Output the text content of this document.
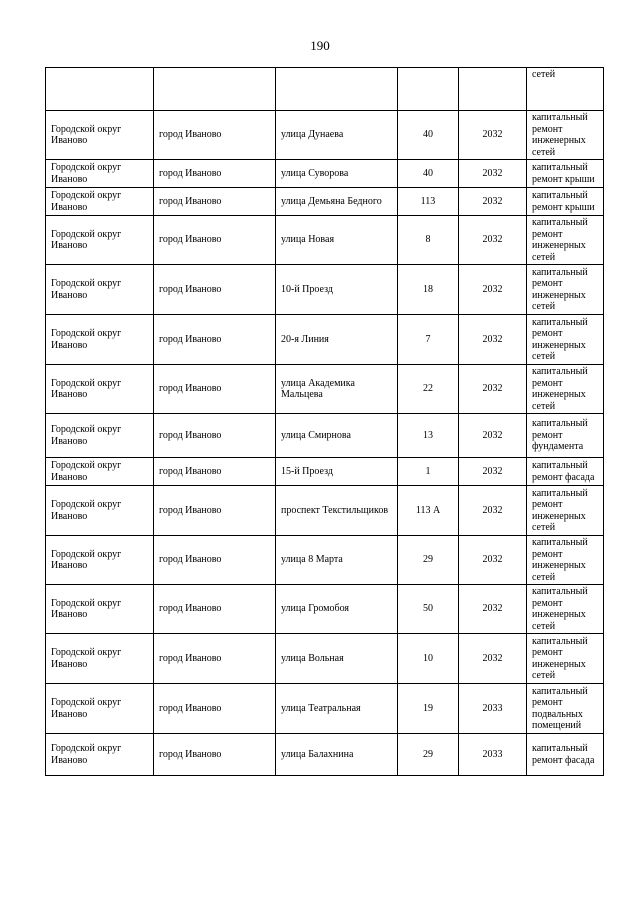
190
					сетей
Городской округ Иваново	город Иваново	улица Дунаева	40	2032	капитальный ремонт инженерных сетей
Городской округ Иваново	город Иваново	улица Суворова	40	2032	капитальный ремонт крыши
Городской округ Иваново	город Иваново	улица Демьяна Бедного	113	2032	капитальный ремонт крыши
Городской округ Иваново	город Иваново	улица Новая	8	2032	капитальный ремонт инженерных сетей
Городской округ Иваново	город Иваново	10-й Проезд	18	2032	капитальный ремонт инженерных сетей
Городской округ Иваново	город Иваново	20-я Линия	7	2032	капитальный ремонт инженерных сетей
Городской округ Иваново	город Иваново	улица Академика Мальцева	22	2032	капитальный ремонт инженерных сетей
Городской округ Иваново	город Иваново	улица Смирнова	13	2032	капитальный ремонт фундамента
Городской округ Иваново	город Иваново	15-й Проезд	1	2032	капитальный ремонт фасада
Городской округ Иваново	город Иваново	проспект Текстильщиков	113 А	2032	капитальный ремонт инженерных сетей
Городской округ Иваново	город Иваново	улица 8 Марта	29	2032	капитальный ремонт инженерных сетей
Городской округ Иваново	город Иваново	улица Громобоя	50	2032	капитальный ремонт инженерных сетей
Городской округ Иваново	город Иваново	улица Вольная	10	2032	капитальный ремонт инженерных сетей
Городской округ Иваново	город Иваново	улица Театральная	19	2033	капитальный ремонт подвальных помещений
Городской округ Иваново	город Иваново	улица Балахнина	29	2033	капитальный ремонт фасада
